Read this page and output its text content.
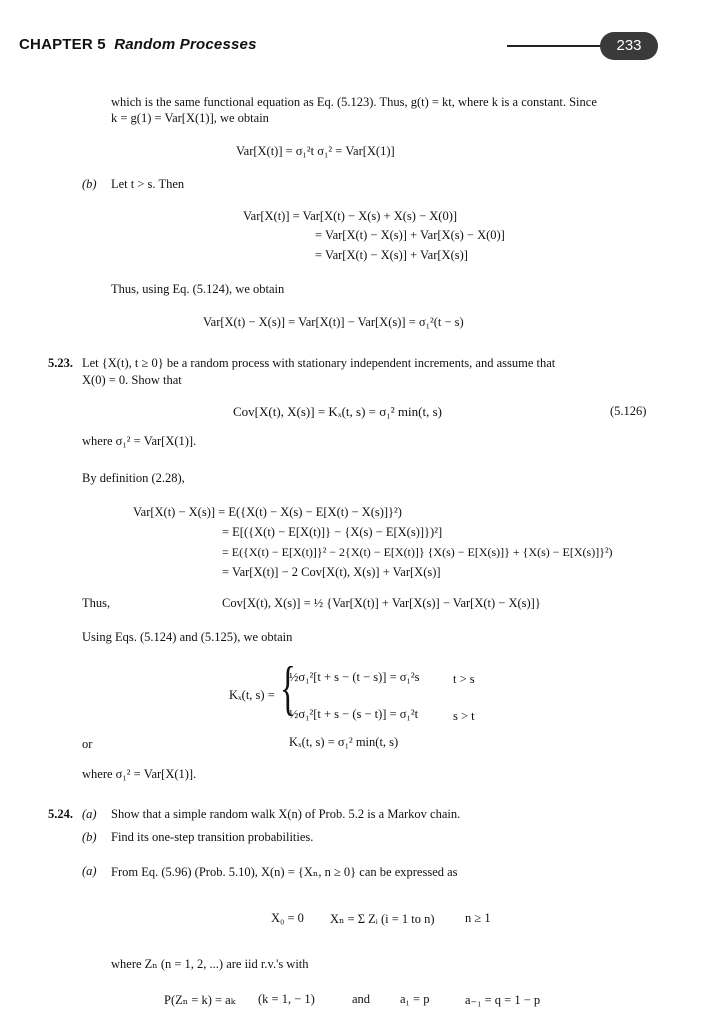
CHAPTER 5 Random Processes	233
which is the same functional equation as Eq. (5.123). Thus, g(t) = kt, where k is a constant. Since
k = g(1) = Var[X(1)], we obtain
Var[X(t)] = σ₁²t σ₁² = Var[X(1)]
(b) Let t > s. Then
Var[X(t)] = Var[X(t) − X(s) + X(s) − X(0)]
= Var[X(t) − X(s)] + Var[X(s) − X(0)]
= Var[X(t) − X(s)] + Var[X(s)]
Thus, using Eq. (5.124), we obtain
Var[X(t) − X(s)] = Var[X(t)] − Var[X(s)] = σ₁²(t − s)
5.23. Let {X(t), t ≥ 0} be a random process with stationary independent increments, and assume that
X(0) = 0. Show that
Cov[X(t), X(s)] = Kₓ(t, s) = σ₁² min(t, s)	(5.126)
where σ₁² = Var[X(1)].
By definition (2.28),
Var[X(t) − X(s)] = E({X(t) − X(s) − E[X(t) − X(s)]}²)
= E[({X(t) − E[X(t)]} − {X(s) − E[X(s)]})²]
= E({X(t) − E[X(t)]}² − 2{X(t) − E[X(t)]} {X(s) − E[X(s)]} + {X(s) − E[X(s)]}²)
= Var[X(t)] − 2 Cov[X(t), X(s)] + Var[X(s)]
Thus,	Cov[X(t), X(s)] = ½ {Var[X(t)] + Var[X(s)] − Var[X(t) − X(s)]}
Using Eqs. (5.124) and (5.125), we obtain
Kₓ(t, s) = {
½σ₁²[t + s − (t − s)] = σ₁²s	t > s
½σ₁²[t + s − (s − t)] = σ₁²t	s > t
or	Kₓ(t, s) = σ₁² min(t, s)
where σ₁² = Var[X(1)].
5.24. (a) Show that a simple random walk X(n) of Prob. 5.2 is a Markov chain.
(b) Find its one-step transition probabilities.
(a) From Eq. (5.96) (Prob. 5.10), X(n) = {Xₙ, n ≥ 0} can be expressed as
X₀ = 0 Xₙ = Σ Zᵢ (i = 1 to n) n ≥ 1
where Zₙ (n = 1, 2, ...) are iid r.v.'s with
P(Zₙ = k) = aₖ (k = 1, − 1)	and a₁ = p	a₋₁ = q = 1 − p
